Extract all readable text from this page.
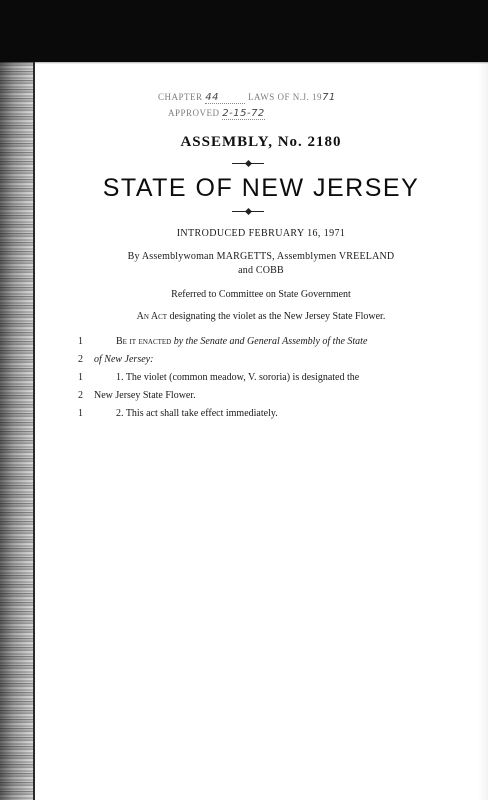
CHAPTER 44	LAWS OF N.J. 1971
APPROVED 2-15-72
ASSEMBLY, No. 2180
STATE OF NEW JERSEY
INTRODUCED FEBRUARY 16, 1971
By Assemblywoman MARGETTS, Assemblymen VREELAND
and COBB
Referred to Committee on State Government
An Act designating the violet as the New Jersey State Flower.
1	Be it enacted by the Senate and General Assembly of the State
2	of New Jersey:
1	1. The violet (common meadow, V. sororia) is designated the
2	New Jersey State Flower.
1	2. This act shall take effect immediately.
